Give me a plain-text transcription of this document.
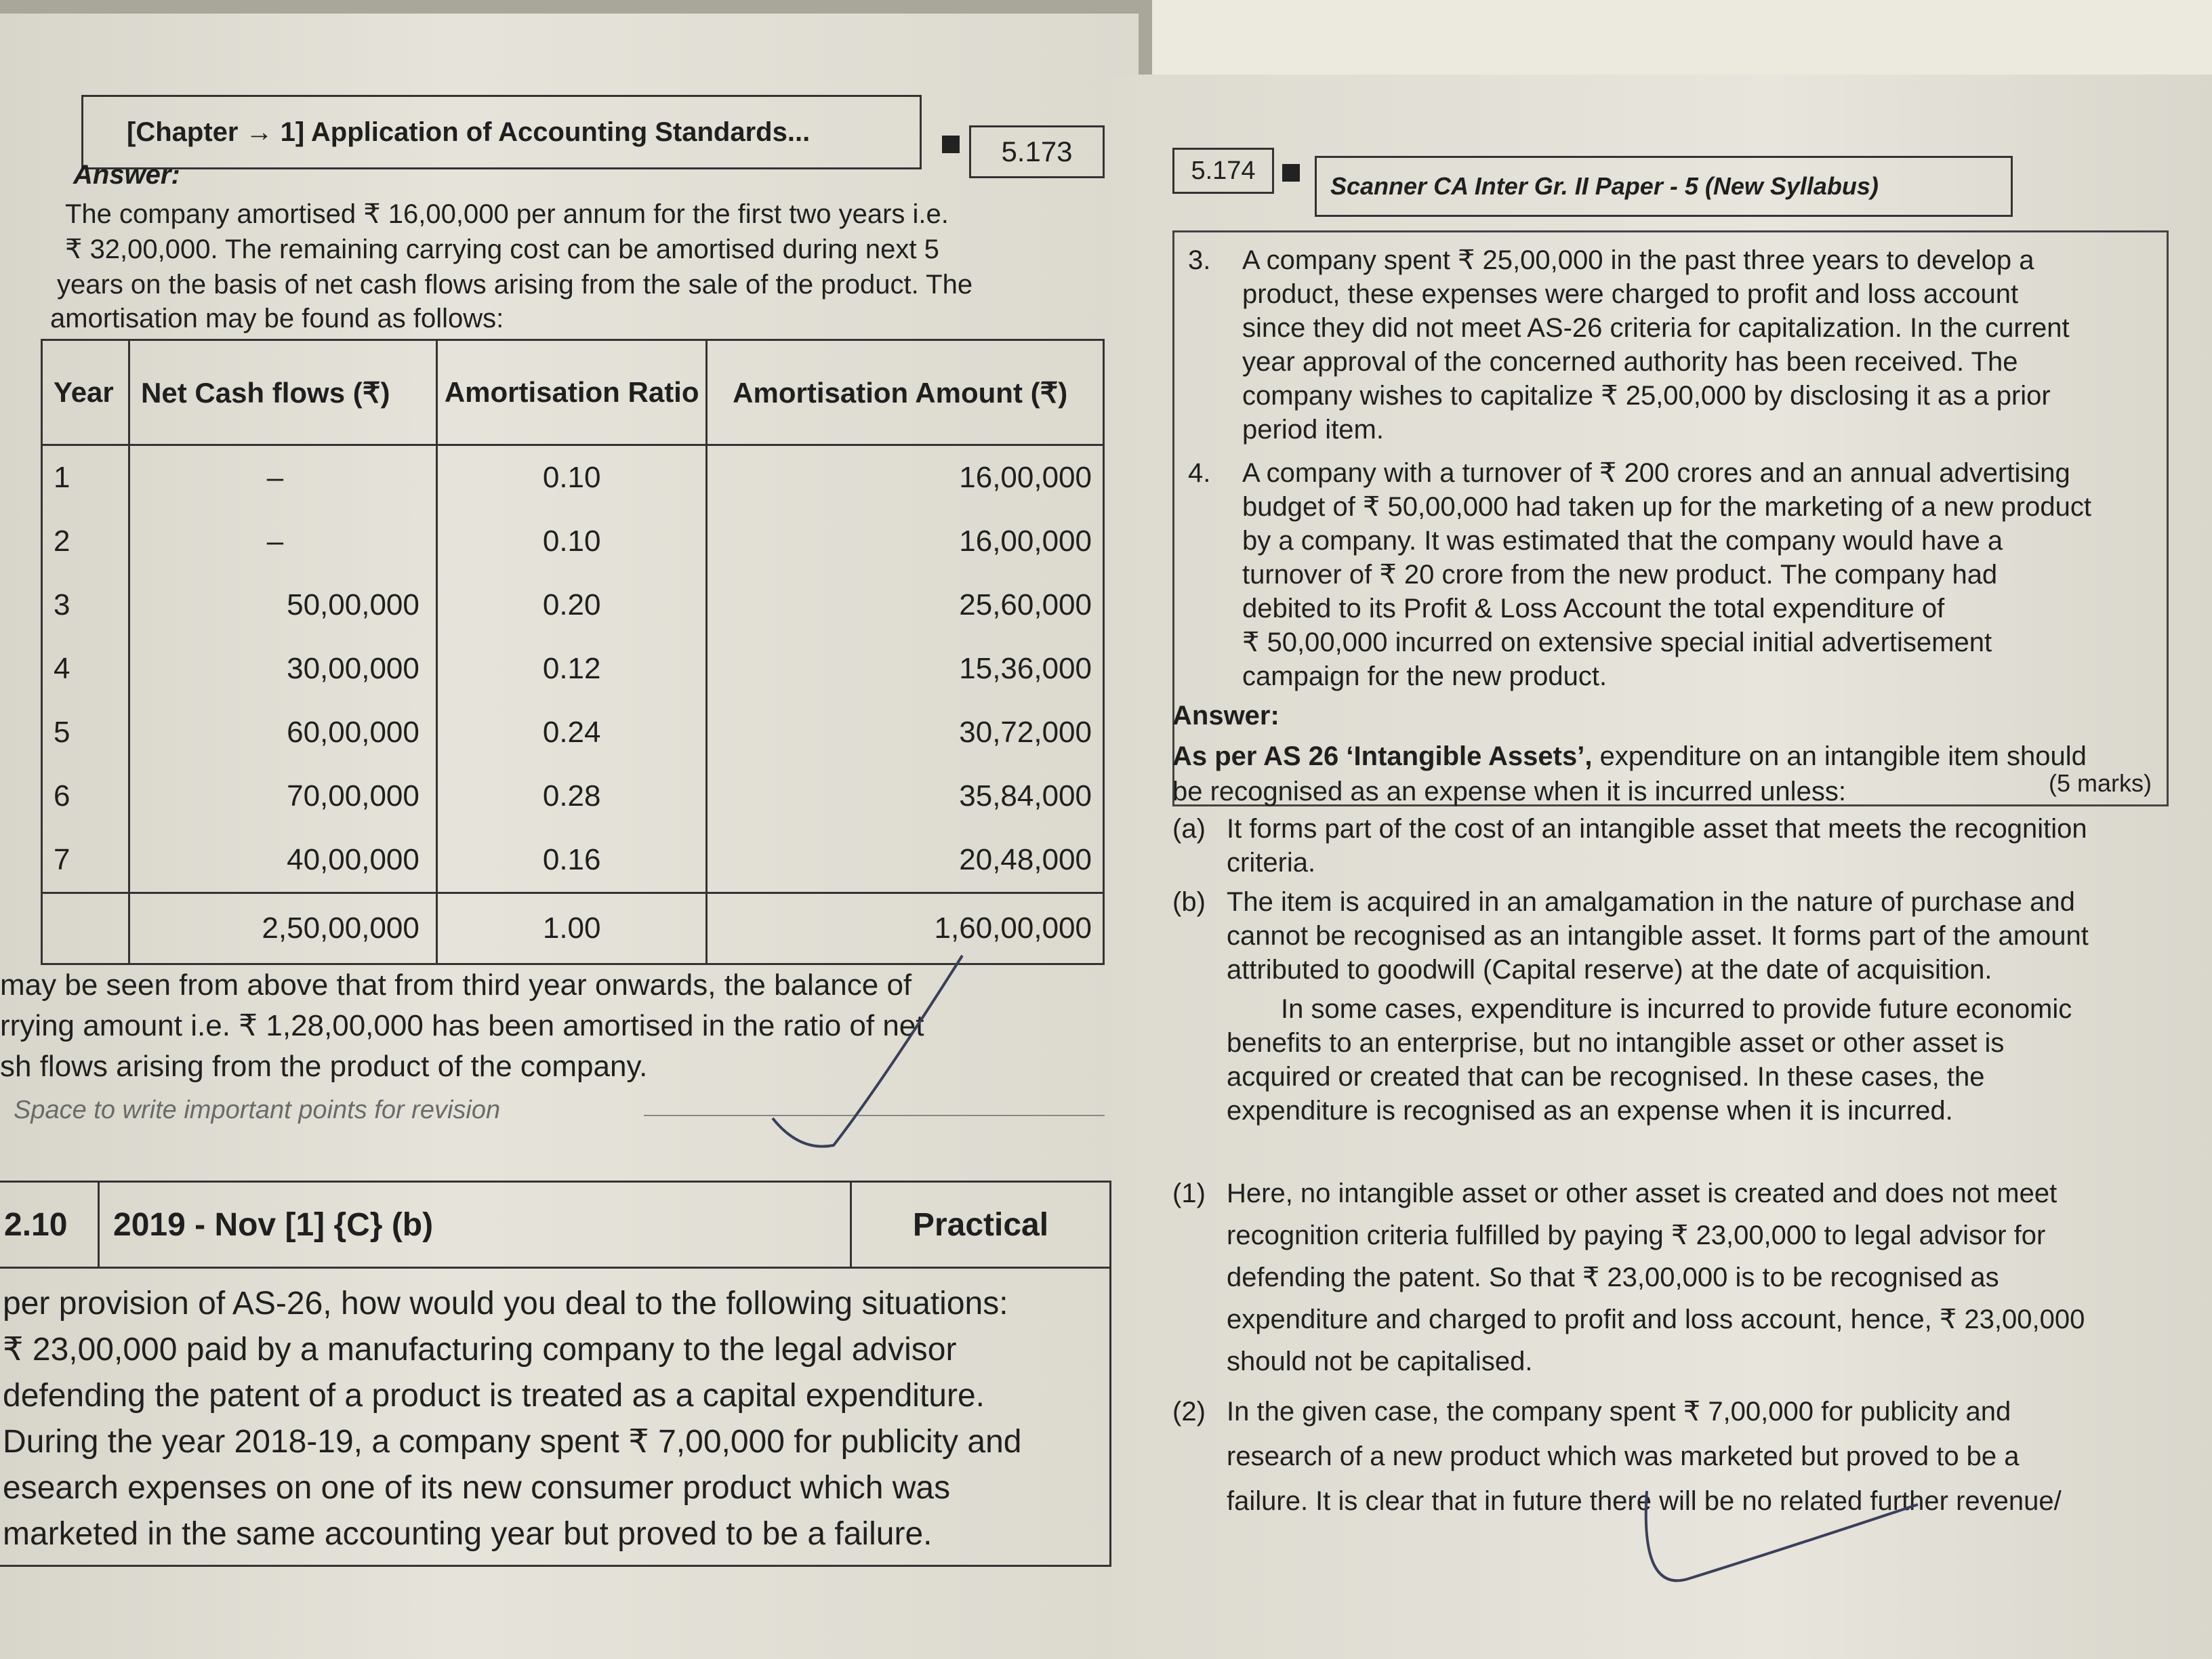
[Chapter → 1] Application of Accounting Standards...
5.173
Answer:
The company amortised ₹ 16,00,000 per annum for the first two years i.e.
₹ 32,00,000. The remaining carrying cost can be amortised during next 5
years on the basis of net cash flows arising from the sale of the product. The
amortisation may be found as follows:
Year	Net Cash flows (₹)	Amortisation Ratio	Amortisation Amount (₹)
1	–	0.10	16,00,000
2	–	0.10	16,00,000
3	50,00,000	0.20	25,60,000
4	30,00,000	0.12	15,36,000
5	60,00,000	0.24	30,72,000
6	70,00,000	0.28	35,84,000
7	40,00,000	0.16	20,48,000
	2,50,00,000	1.00	1,60,00,000
may be seen from above that from third year onwards, the balance of
rrying amount i.e. ₹ 1,28,00,000 has been amortised in the ratio of net
sh flows arising from the product of the company.
Space to write important points for revision
2.10	2019 - Nov [1] {C} (b)	Practical
per provision of AS-26, how would you deal to the following situations:
₹ 23,00,000 paid by a manufacturing company to the legal advisor
defending the patent of a product is treated as a capital expenditure.
During the year 2018-19, a company spent ₹ 7,00,000 for publicity and
esearch expenses on one of its new consumer product which was
marketed in the same accounting year but proved to be a failure.
5.174
Scanner CA Inter Gr. II Paper - 5 (New Syllabus)
3. A company spent ₹ 25,00,000 in the past three years to develop a
product, these expenses were charged to profit and loss account
since they did not meet AS-26 criteria for capitalization. In the current
year approval of the concerned authority has been received. The
company wishes to capitalize ₹ 25,00,000 by disclosing it as a prior
period item.
4. A company with a turnover of ₹ 200 crores and an annual advertising
budget of ₹ 50,00,000 had taken up for the marketing of a new product
by a company. It was estimated that the company would have a
turnover of ₹ 20 crore from the new product. The company had
debited to its Profit & Loss Account the total expenditure of
₹ 50,00,000 incurred on extensive special initial advertisement
campaign for the new product.
(5 marks)
Answer:
As per AS 26 ‘Intangible Assets’, expenditure on an intangible item should
be recognised as an expense when it is incurred unless:
(a) It forms part of the cost of an intangible asset that meets the recognition
criteria.
(b) The item is acquired in an amalgamation in the nature of purchase and
cannot be recognised as an intangible asset. It forms part of the amount
attributed to goodwill (Capital reserve) at the date of acquisition.
In some cases, expenditure is incurred to provide future economic
benefits to an enterprise, but no intangible asset or other asset is
acquired or created that can be recognised. In these cases, the
expenditure is recognised as an expense when it is incurred.
(1) Here, no intangible asset or other asset is created and does not meet
recognition criteria fulfilled by paying ₹ 23,00,000 to legal advisor for
defending the patent. So that ₹ 23,00,000 is to be recognised as
expenditure and charged to profit and loss account, hence, ₹ 23,00,000
should not be capitalised.
(2) In the given case, the company spent ₹ 7,00,000 for publicity and
research of a new product which was marketed but proved to be a
failure. It is clear that in future there will be no related further revenue/
